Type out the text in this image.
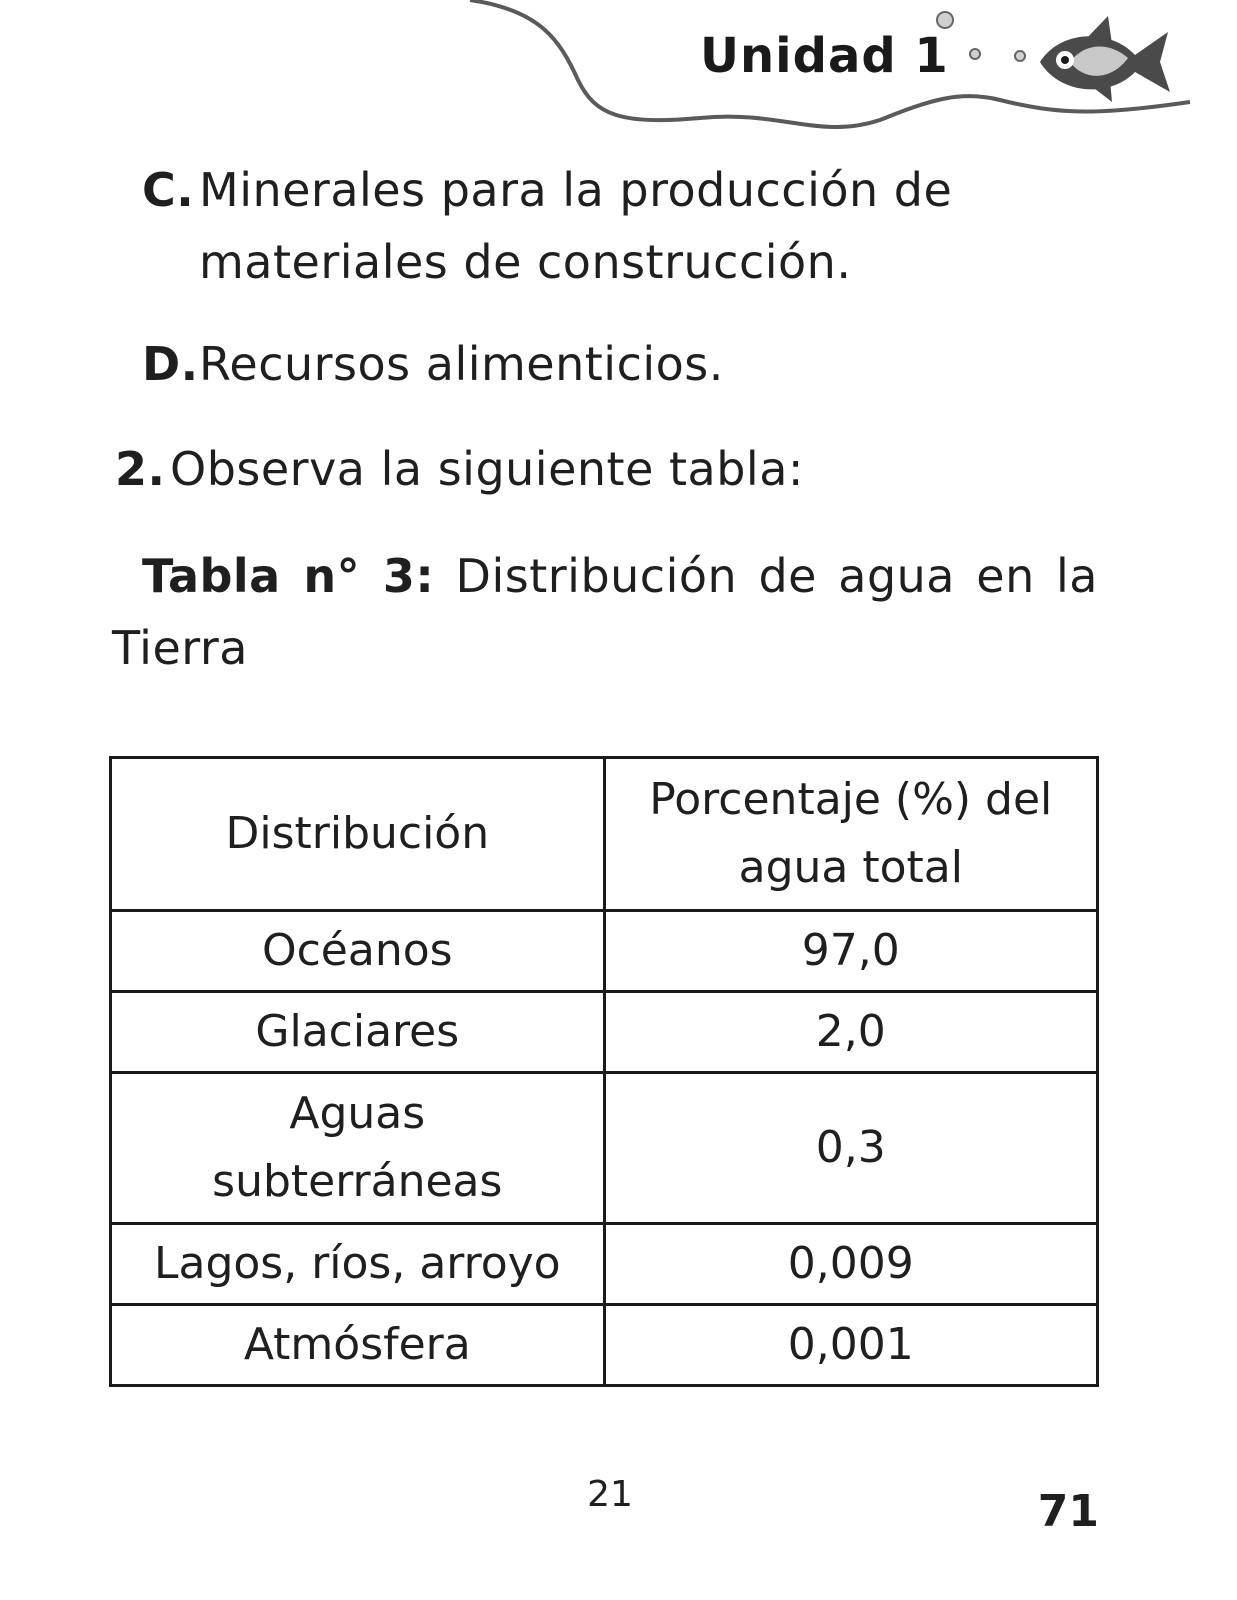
Unidad 1
C. Minerales para la producción de materiales de construcción.
D. Recursos alimenticios.
2. Observa la siguiente tabla:
Tabla n° 3: Distribución de agua en la Tierra
Distribución	Porcentaje (%) del agua total
Océanos	97,0
Glaciares	2,0
Aguas subterráneas	0,3
Lagos, ríos, arroyo	0,009
Atmósfera	0,001
21	71
